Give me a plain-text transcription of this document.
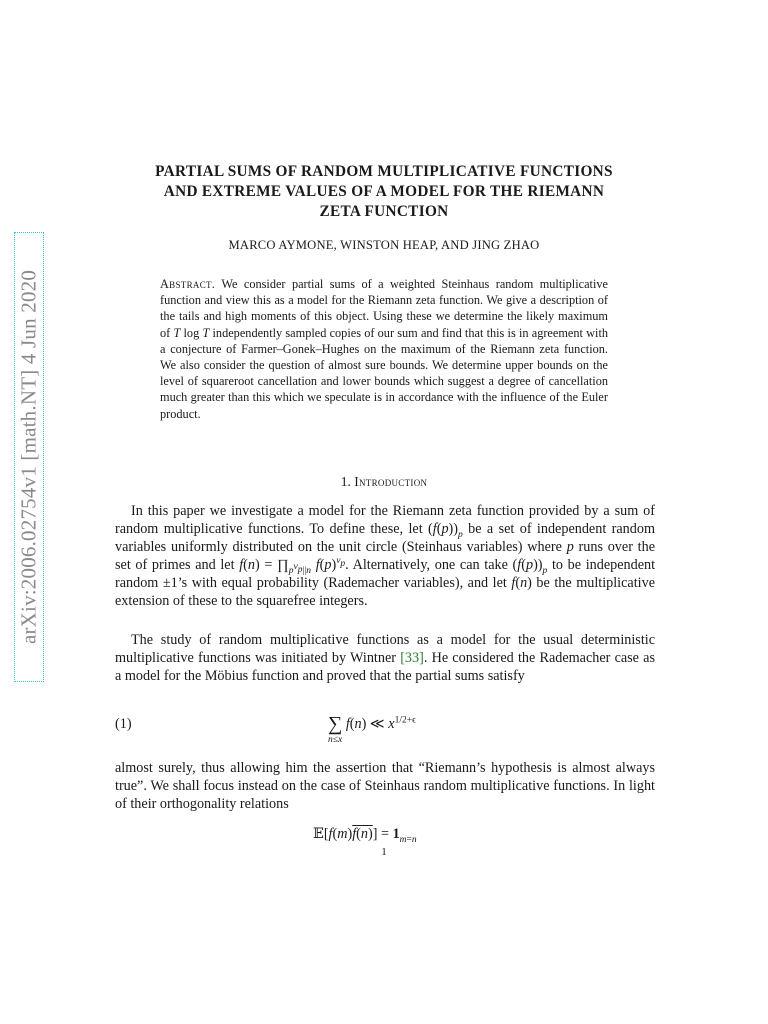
arXiv:2006.02754v1 [math.NT] 4 Jun 2020
PARTIAL SUMS OF RANDOM MULTIPLICATIVE FUNCTIONS
AND EXTREME VALUES OF A MODEL FOR THE RIEMANN
ZETA FUNCTION
MARCO AYMONE, WINSTON HEAP, AND JING ZHAO

Abstract. We consider partial sums of a weighted Steinhaus random multiplicative function and view this as a model for the Riemann zeta function. We give a description of the tails and high moments of this object. Using these we determine the likely maximum of T log T independently sampled copies of our sum and find that this is in agreement with a conjecture of Farmer–Gonek–Hughes on the maximum of the Riemann zeta function. We also consider the question of almost sure bounds. We determine upper bounds on the level of squareroot cancellation and lower bounds which suggest a degree of cancellation much greater than this which we speculate is in accordance with the influence of the Euler product.

1. Introduction

In this paper we investigate a model for the Riemann zeta function provided by a sum of random multiplicative functions. To define these, let $(f(p))_p$ be a set of independent random variables uniformly distributed on the unit circle (Steinhaus variables) where p runs over the set of primes and let $f(n) = \prod_{p^{v_p}||n}$ $f(p)^{v_p}$. Alternatively, one can take $(f(p))_p$ to be independent random ±1’s with equal probability (Rademacher variables), and let f(n) be the multiplicative extension of these to the squarefree integers.

The study of random multiplicative functions as a model for the usual deterministic multiplicative functions was initiated by Wintner [33]. He considered the Rademacher case as a model for the Möbius function and proved that the partial sums satisfy

(1)	∑ f(n) ≪ $x^{1/2+\epsilon}$
n≤x

almost surely, thus allowing him the assertion that “Riemann’s hypothesis is almost always true”. We shall focus instead on the case of Steinhaus random multiplicative functions. In light of their orthogonality relations

𝔼[f(m)f(n)] = $1_{m=n}$
1
